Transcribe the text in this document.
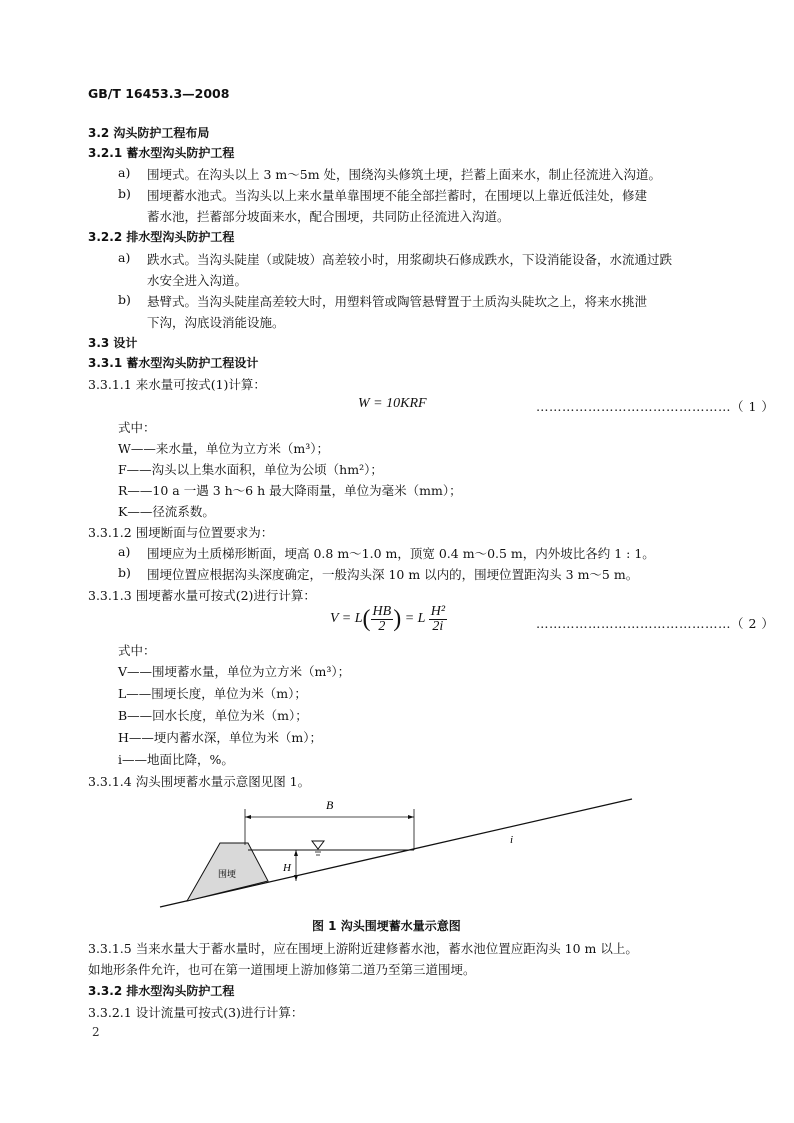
GB/T 16453.3—2008
3.2 沟头防护工程布局
3.2.1 蓄水型沟头防护工程
a) 围埂式。在沟头以上 3 m～5m 处，围绕沟头修筑土埂，拦蓄上面来水，制止径流进入沟道。
b) 围埂蓄水池式。当沟头以上来水量单靠围埂不能全部拦蓄时，在围埂以上靠近低洼处，修建
蓄水池，拦蓄部分坡面来水，配合围埂，共同防止径流进入沟道。
3.2.2 排水型沟头防护工程
a) 跌水式。当沟头陡崖（或陡坡）高差较小时，用浆砌块石修成跌水，下设消能设备，水流通过跌
水安全进入沟道。
b) 悬臂式。当沟头陡崖高差较大时，用塑料管或陶管悬臂置于土质沟头陡坎之上，将来水挑泄
下沟，沟底设消能设施。
3.3 设计
3.3.1 蓄水型沟头防护工程设计
3.3.1.1 来水量可按式(1)计算：
W = 10KRF	………………………………………（ 1 ）
式中：
W——来水量，单位为立方米（m³）；
F——沟头以上集水面积，单位为公顷（hm²）；
R——10 a 一遇 3 h～6 h 最大降雨量，单位为毫米（mm）；
K——径流系数。
3.3.1.2 围埂断面与位置要求为：
a) 围埂应为土质梯形断面，埂高 0.8 m～1.0 m，顶宽 0.4 m～0.5 m，内外坡比各约 1 : 1。
b) 围埂位置应根据沟头深度确定，一般沟头深 10 m 以内的，围埂位置距沟头 3 m～5 m。
3.3.1.3 围埂蓄水量可按式(2)进行计算：
$V = L( \frac{HB}{2}$ ) = L $\frac{\text{H²}}{2i}$	………………………………………（ 2 ）
式中：
V——围埂蓄水量，单位为立方米（m³）；
L——围埂长度，单位为米（m）；
B——回水长度，单位为米（m）；
H——埂内蓄水深，单位为米（m）；
i——地面比降，%。
3.3.1.4 沟头围埂蓄水量示意图见图 1。
B
H
i
围埂
图 1 沟头围埂蓄水量示意图
3.3.1.5 当来水量大于蓄水量时，应在围埂上游附近建修蓄水池，蓄水池位置应距沟头 10 m 以上。
如地形条件允许，也可在第一道围埂上游加修第二道乃至第三道围埂。
3.3.2 排水型沟头防护工程
3.3.2.1 设计流量可按式(3)进行计算：
2
